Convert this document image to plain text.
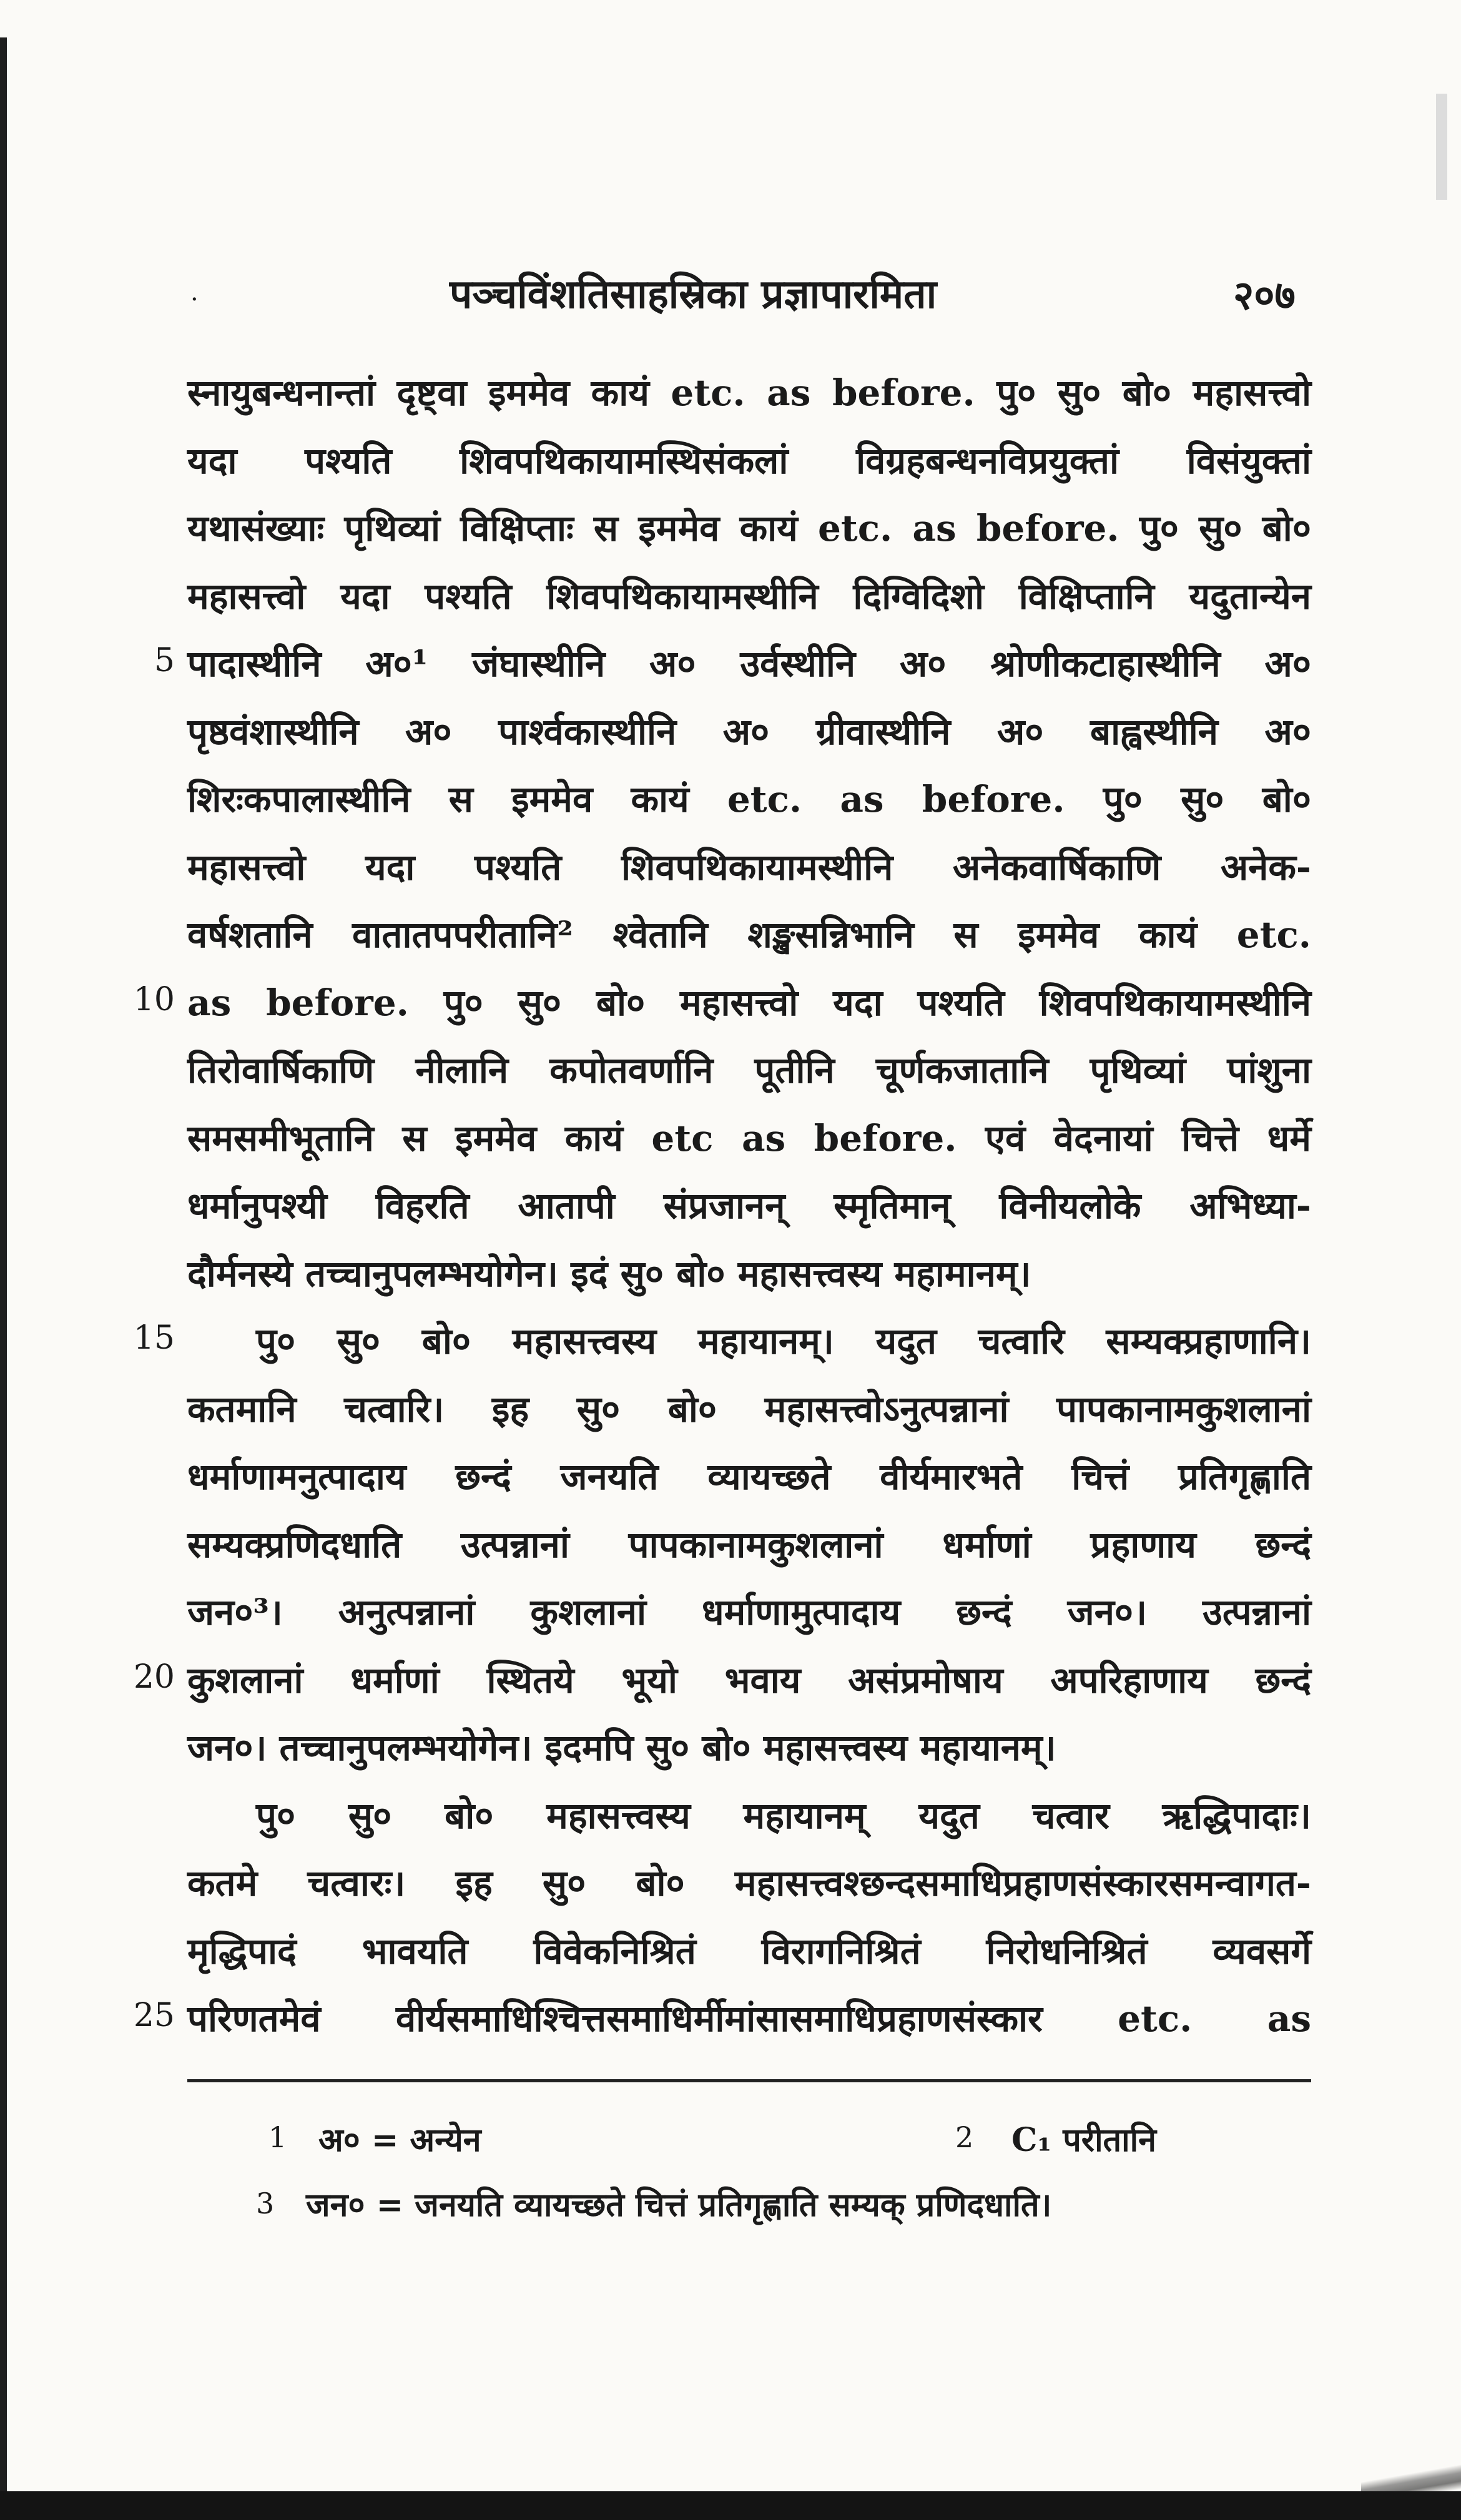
·	पञ्चविंशतिसाहस्रिका प्रज्ञापारमिता	२०७
स्नायुबन्धनान्तां दृष्ट्वा इममेव कायं etc. as before. पु० सु० बो० महासत्त्वो
यदा पश्यति शिवपथिकायामस्थिसंकलां विग्रहबन्धनविप्रयुक्तां विसंयुक्तां
यथासंख्याः पृथिव्यां विक्षिप्ताः स इममेव कायं etc. as before. पु० सु० बो०
महासत्त्वो यदा पश्यति शिवपथिकायामस्थीनि दिग्विदिशो विक्षिप्तानि यदुतान्येन
5 पादास्थीनि अ०¹ जंघास्थीनि अ० उर्वस्थीनि अ० श्रोणीकटाहास्थीनि अ०
पृष्ठवंशास्थीनि अ० पार्श्वकास्थीनि अ० ग्रीवास्थीनि अ० बाह्वस्थीनि अ०
शिरःकपालास्थीनि स इममेव कायं etc. as before. पु० सु० बो०
महासत्त्वो यदा पश्यति शिवपथिकायामस्थीनि अनेकवार्षिकाणि अनेक-
वर्षशतानि वातातपपरीतानि² श्वेतानि शङ्खसन्निभानि स इममेव कायं etc.
10 as before. पु० सु० बो० महासत्त्वो यदा पश्यति शिवपथिकायामस्थीनि
तिरोवार्षिकाणि नीलानि कपोतवर्णानि पूतीनि चूर्णकजातानि पृथिव्यां पांशुना
समसमीभूतानि स इममेव कायं etc as before. एवं वेदनायां चित्ते धर्मे
धर्मानुपश्यी विहरति आतापी संप्रजानन् स्मृतिमान् विनीयलोके अभिध्या-
दौर्मनस्ये तच्चानुपलम्भयोगेन। इदं सु० बो० महासत्त्वस्य महामानम्।
15 पु० सु० बो० महासत्त्वस्य महायानम्। यदुत चत्वारि सम्यक्प्रहाणानि।
कतमानि चत्वारि। इह सु० बो० महासत्त्वोऽनुत्पन्नानां पापकानामकुशलानां
धर्माणामनुत्पादाय छन्दं जनयति व्यायच्छते वीर्यमारभते चित्तं प्रतिगृह्णाति
सम्यक्प्रणिदधाति उत्पन्नानां पापकानामकुशलानां धर्माणां प्रहाणाय छन्दं
जन०³। अनुत्पन्नानां कुशलानां धर्माणामुत्पादाय छन्दं जन०। उत्पन्नानां
20 कुशलानां धर्माणां स्थितये भूयो भवाय असंप्रमोषाय अपरिहाणाय छन्दं
जन०। तच्चानुपलम्भयोगेन। इदमपि सु० बो० महासत्त्वस्य महायानम्।
पु० सु० बो० महासत्त्वस्य महायानम् यदुत चत्वार ऋद्धिपादाः।
कतमे चत्वारः। इह सु० बो० महासत्त्वश्छन्दसमाधिप्रहाणसंस्कारसमन्वागत-
मृद्धिपादं भावयति विवेकनिश्रितं विरागनिश्रितं निरोधनिश्रितं व्यवसर्गे
25 परिणतमेवं वीर्यसमाधिश्चित्तसमाधिर्मीमांसासमाधिप्रहाणसंस्कार etc. as
1 अ० = अन्येन	2 C₁ परीतानि
3 जन० = जनयति व्यायच्छते चित्तं प्रतिगृह्णाति सम्यक् प्रणिदधाति।
